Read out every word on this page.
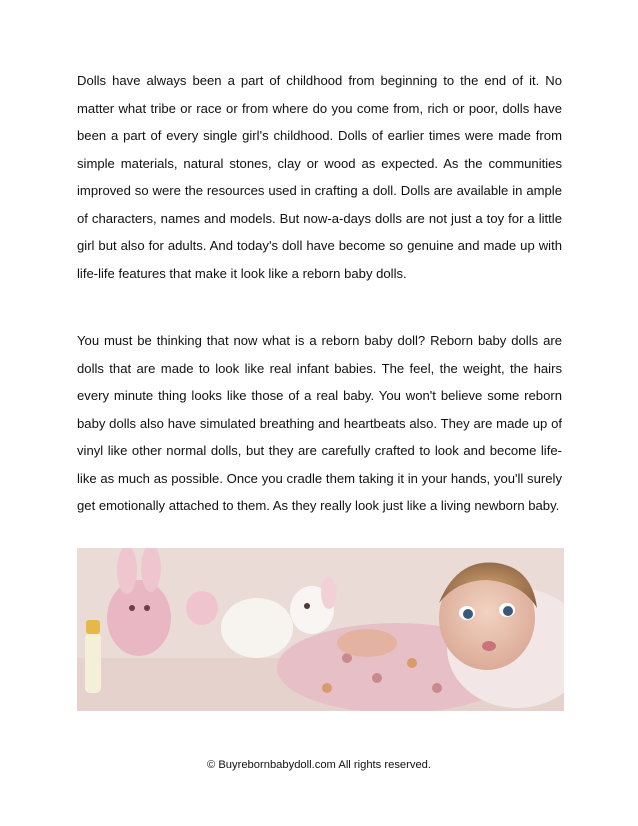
Dolls have always been a part of childhood from beginning to the end of it. No matter what tribe or race or from where do you come from, rich or poor, dolls have been a part of every single girl's childhood. Dolls of earlier times were made from simple materials, natural stones, clay or wood as expected. As the communities improved so were the resources used in crafting a doll. Dolls are available in ample of characters, names and models. But now-a-days dolls are not just a toy for a little girl but also for adults. And today's doll have become so genuine and made up with life-life features that make it look like a reborn baby dolls.

You must be thinking that now what is a reborn baby doll? Reborn baby dolls are dolls that are made to look like real infant babies. The feel, the weight, the hairs every minute thing looks like those of a real baby. You won't believe some reborn baby dolls also have simulated breathing and heartbeats also. They are made up of vinyl like other normal dolls, but they are carefully crafted to look and become life-like as much as possible. Once you cradle them taking it in your hands, you'll surely get emotionally attached to them. As they really look just like a living newborn baby.

© Buyrebornbabydoll.com All rights reserved.
